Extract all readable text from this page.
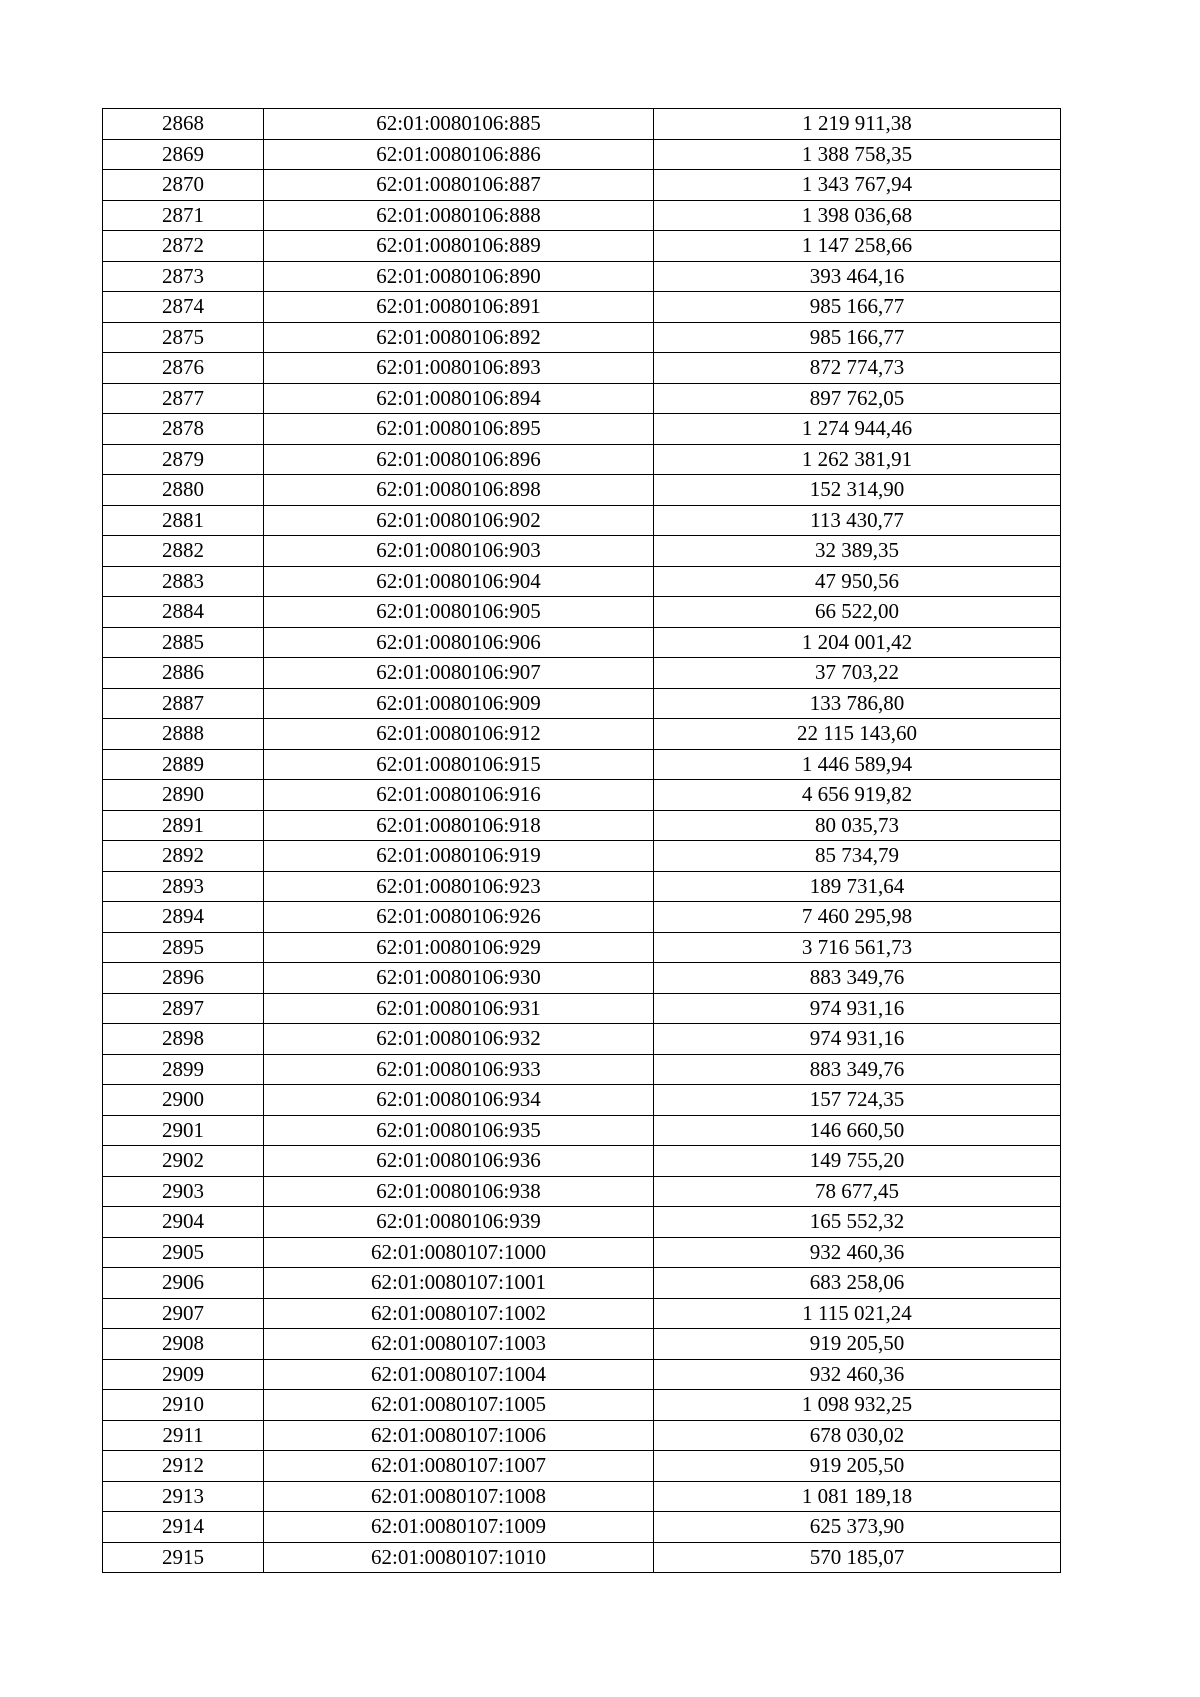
2868	62:01:0080106:885	1 219 911,38
2869	62:01:0080106:886	1 388 758,35
2870	62:01:0080106:887	1 343 767,94
2871	62:01:0080106:888	1 398 036,68
2872	62:01:0080106:889	1 147 258,66
2873	62:01:0080106:890	393 464,16
2874	62:01:0080106:891	985 166,77
2875	62:01:0080106:892	985 166,77
2876	62:01:0080106:893	872 774,73
2877	62:01:0080106:894	897 762,05
2878	62:01:0080106:895	1 274 944,46
2879	62:01:0080106:896	1 262 381,91
2880	62:01:0080106:898	152 314,90
2881	62:01:0080106:902	113 430,77
2882	62:01:0080106:903	32 389,35
2883	62:01:0080106:904	47 950,56
2884	62:01:0080106:905	66 522,00
2885	62:01:0080106:906	1 204 001,42
2886	62:01:0080106:907	37 703,22
2887	62:01:0080106:909	133 786,80
2888	62:01:0080106:912	22 115 143,60
2889	62:01:0080106:915	1 446 589,94
2890	62:01:0080106:916	4 656 919,82
2891	62:01:0080106:918	80 035,73
2892	62:01:0080106:919	85 734,79
2893	62:01:0080106:923	189 731,64
2894	62:01:0080106:926	7 460 295,98
2895	62:01:0080106:929	3 716 561,73
2896	62:01:0080106:930	883 349,76
2897	62:01:0080106:931	974 931,16
2898	62:01:0080106:932	974 931,16
2899	62:01:0080106:933	883 349,76
2900	62:01:0080106:934	157 724,35
2901	62:01:0080106:935	146 660,50
2902	62:01:0080106:936	149 755,20
2903	62:01:0080106:938	78 677,45
2904	62:01:0080106:939	165 552,32
2905	62:01:0080107:1000	932 460,36
2906	62:01:0080107:1001	683 258,06
2907	62:01:0080107:1002	1 115 021,24
2908	62:01:0080107:1003	919 205,50
2909	62:01:0080107:1004	932 460,36
2910	62:01:0080107:1005	1 098 932,25
2911	62:01:0080107:1006	678 030,02
2912	62:01:0080107:1007	919 205,50
2913	62:01:0080107:1008	1 081 189,18
2914	62:01:0080107:1009	625 373,90
2915	62:01:0080107:1010	570 185,07
